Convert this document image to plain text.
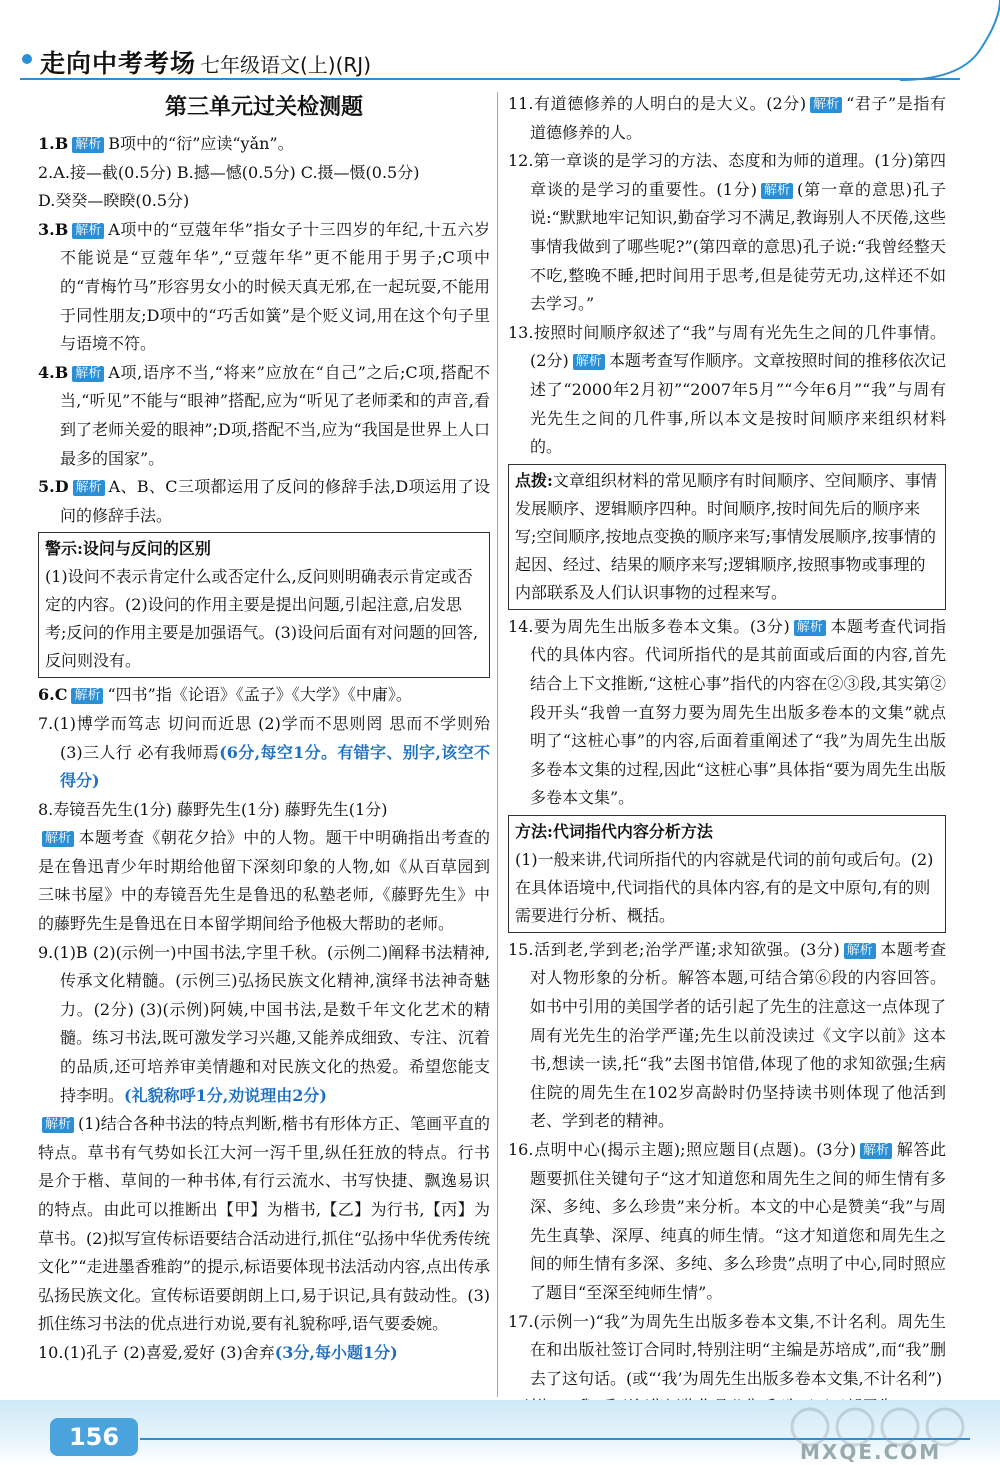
走向中考考场 七年级语文(上)(RJ)
第三单元过关检测题

1.B 解析 B项中的“衍”应读“yǎn”。

2.A.接—截(0.5分) B.撼—憾(0.5分) C.摄—慑(0.5分)

D.癸癸—睽睽(0.5分)

3.B 解析 A项中的“豆蔻年华”指女子十三四岁的年纪,十五六岁不能说是“豆蔻年华”,“豆蔻年华”更不能用于男子;C项中的“青梅竹马”形容男女小的时候天真无邪,在一起玩耍,不能用于同性朋友;D项中的“巧舌如簧”是个贬义词,用在这个句子里与语境不符。

4.B 解析 A项,语序不当,“将来”应放在“自己”之后;C项,搭配不当,“听见”不能与“眼神”搭配,应为“听见了老师柔和的声音,看到了老师关爱的眼神”;D项,搭配不当,应为“我国是世界上人口最多的国家”。

5.D 解析 A、B、C三项都运用了反问的修辞手法,D项运用了设问的修辞手法。

警示:设问与反问的区别
(1)设问不表示肯定什么或否定什么,反问则明确表示肯定或否定的内容。(2)设问的作用主要是提出问题,引起注意,启发思考;反问的作用主要是加强语气。(3)设问后面有对问题的回答,反问则没有。

6.C 解析 “四书”指《论语》《孟子》《大学》《中庸》。

7.(1)博学而笃志 切问而近思 (2)学而不思则罔 思而不学则殆 (3)三人行 必有我师焉(6分,每空1分。有错字、别字,该空不得分)

8.寿镜吾先生(1分) 藤野先生(1分) 藤野先生(1分)

解析 本题考查《朝花夕拾》中的人物。题干中明确指出考查的是在鲁迅青少年时期给他留下深刻印象的人物,如《从百草园到三味书屋》中的寿镜吾先生是鲁迅的私塾老师,《藤野先生》中的藤野先生是鲁迅在日本留学期间给予他极大帮助的老师。

9.(1)B (2)(示例一)中国书法,字里千秋。(示例二)阐释书法精神,传承文化精髓。(示例三)弘扬民族文化精神,演绎书法神奇魅力。(2分) (3)(示例)阿姨,中国书法,是数千年文化艺术的精髓。练习书法,既可激发学习兴趣,又能养成细致、专注、沉着的品质,还可培养审美情趣和对民族文化的热爱。希望您能支持李明。(礼貌称呼1分,劝说理由2分)

解析 (1)结合各种书法的特点判断,楷书有形体方正、笔画平直的特点。草书有气势如长江大河一泻千里,纵任狂放的特点。行书是介于楷、草间的一种书体,有行云流水、书写快捷、飘逸易识的特点。由此可以推断出【甲】为楷书,【乙】为行书,【丙】为草书。(2)拟写宣传标语要结合活动进行,抓住“弘扬中华优秀传统文化”“走进墨香雅韵”的提示,标语要体现书法活动内容,点出传承弘扬民族文化。宣传标语要朗朗上口,易于识记,具有鼓动性。(3)抓住练习书法的优点进行劝说,要有礼貌称呼,语气要委婉。

10.(1)孔子 (2)喜爱,爱好 (3)舍弃(3分,每小题1分)

11.有道德修养的人明白的是大义。(2分) 解析 “君子”是指有道德修养的人。

12.第一章谈的是学习的方法、态度和为师的道理。(1分)第四章谈的是学习的重要性。(1分) 解析 (第一章的意思)孔子说:“默默地牢记知识,勤奋学习不满足,教诲别人不厌倦,这些事情我做到了哪些呢?”(第四章的意思)孔子说:“我曾经整天不吃,整晚不睡,把时间用于思考,但是徒劳无功,这样还不如去学习。”

13.按照时间顺序叙述了“我”与周有光先生之间的几件事情。(2分) 解析 本题考查写作顺序。文章按照时间的推移依次记述了“2000年2月初”“2007年5月”“今年6月”“我”与周有光先生之间的几件事,所以本文是按时间顺序来组织材料的。

点拨:文章组织材料的常见顺序有时间顺序、空间顺序、事情发展顺序、逻辑顺序四种。时间顺序,按时间先后的顺序来写;空间顺序,按地点变换的顺序来写;事情发展顺序,按事情的起因、经过、结果的顺序来写;逻辑顺序,按照事物或事理的内部联系及人们认识事物的过程来写。

14.要为周先生出版多卷本文集。(3分) 解析 本题考查代词指代的具体内容。代词所指代的是其前面或后面的内容,首先结合上下文推断,“这桩心事”指代的内容在②③段,其实第②段开头“我曾一直努力要为周先生出版多卷本的文集”就点明了“这桩心事”的内容,后面着重阐述了“我”为周先生出版多卷本文集的过程,因此“这桩心事”具体指“要为周先生出版多卷本文集”。

方法:代词指代内容分析方法
(1)一般来讲,代词所指代的内容就是代词的前句或后句。(2)在具体语境中,代词指代的具体内容,有的是文中原句,有的则需要进行分析、概括。

15.活到老,学到老;治学严谨;求知欲强。(3分) 解析 本题考查对人物形象的分析。解答本题,可结合第⑥段的内容回答。如书中引用的美国学者的话引起了先生的注意这一点体现了周有光先生的治学严谨;先生以前没读过《文字以前》这本书,想读一读,托“我”去图书馆借,体现了他的求知欲强;生病住院的周先生在102岁高龄时仍坚持读书则体现了他活到老、学到老的精神。

16.点明中心(揭示主题);照应题目(点题)。(3分) 解析 解答此题要抓住关键句子“这才知道您和周先生之间的师生情有多深、多纯、多么珍贵”来分析。本文的中心是赞美“我”与周先生真挚、深厚、纯真的师生情。“这才知道您和周先生之间的师生情有多深、多纯、多么珍贵”点明了中心,同时照应了题目“至深至纯师生情”。

17.(示例一)“我”为周先生出版多卷本文集,不计名利。周先生在和出版社签订合同时,特别注明“主编是苏培成”,而“我”删去了这句话。(或“‘我’为周先生出版多卷本文集,不计名利”)

156
MXQE.COM
